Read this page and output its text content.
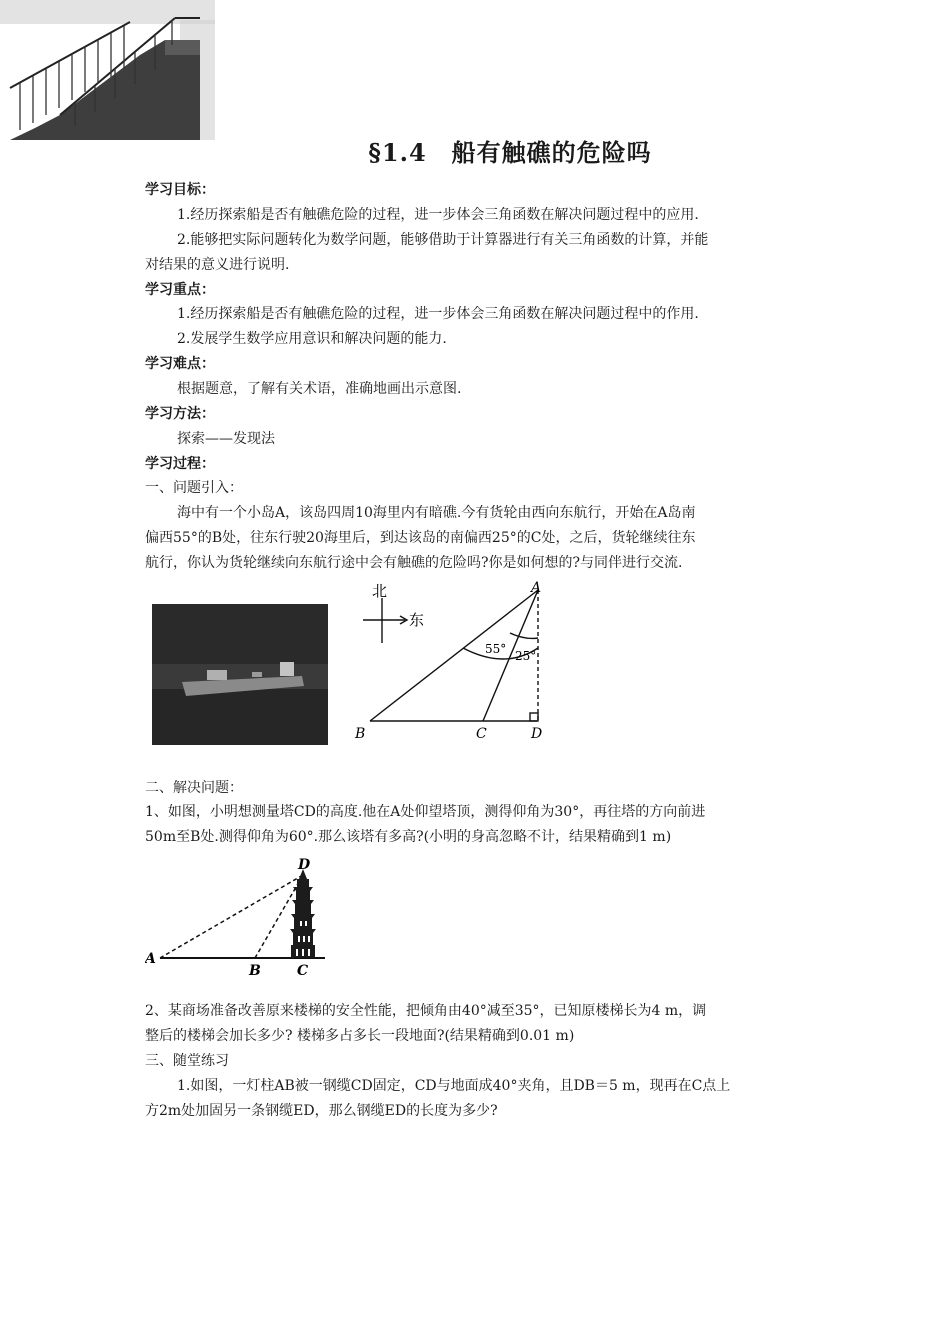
§1.4　船有触礁的危险吗
学习目标：
1.经历探索船是否有触礁危险的过程，进一步体会三角函数在解决问题过程中的应用.
2.能够把实际问题转化为数学问题，能够借助于计算器进行有关三角函数的计算，并能
对结果的意义进行说明.
学习重点：
1.经历探索船是否有触礁危险的过程，进一步体会三角函数在解决问题过程中的作用.
2.发展学生数学应用意识和解决问题的能力.
学习难点：
根据题意，了解有关术语，准确地画出示意图.
学习方法：
探索——发现法
学习过程：
一、问题引入：
海中有一个小岛A，该岛四周10海里内有暗礁.今有货轮由西向东航行，开始在A岛南
偏西55°的B处，往东行驶20海里后，到达该岛的南偏西25°的C处，之后，货轮继续往东
航行，你认为货轮继续向东航行途中会有触礁的危险吗?你是如何想的?与同伴进行交流.
北
东
A
B	C	D
55° 25°
二、解决问题：
1、如图，小明想测量塔CD的高度.他在A处仰望塔顶，测得仰角为30°，再往塔的方向前进
50m至B处.测得仰角为60°.那么该塔有多高?(小明的身高忽略不计，结果精确到1 m)
A
B	C
D
2、某商场准备改善原来楼梯的安全性能，把倾角由40°减至35°，已知原楼梯长为4 m，调
整后的楼梯会加长多少? 楼梯多占多长一段地面?(结果精确到0.01 m)
三、随堂练习
1.如图，一灯柱AB被一钢缆CD固定，CD与地面成40°夹角，且DB＝5 m，现再在C点上
方2m处加固另一条钢缆ED，那么钢缆ED的长度为多少?
